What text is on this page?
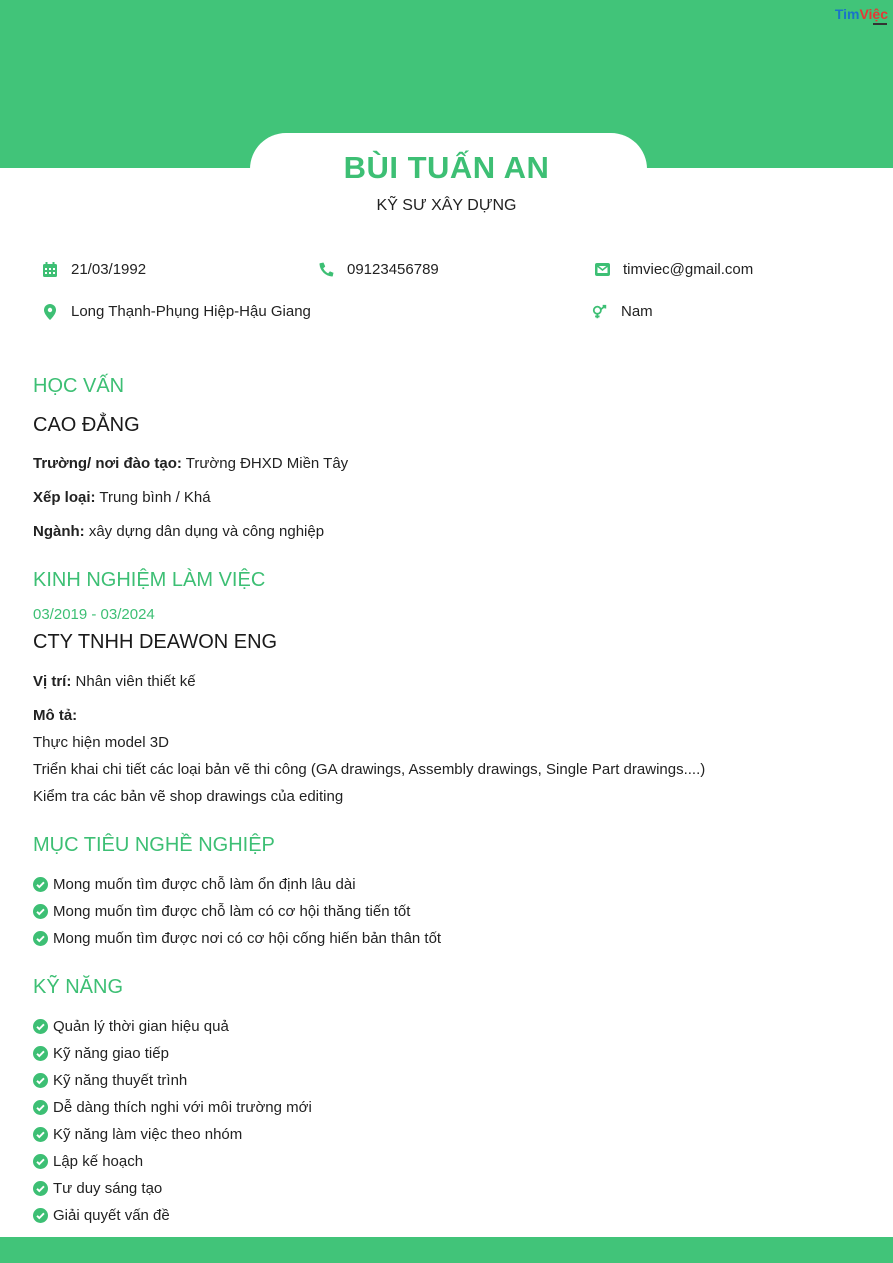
TimViệc
BÙI TUẤN AN
KỸ SƯ XÂY DỰNG
21/03/1992	09123456789	timviec@gmail.com
Long Thạnh-Phụng Hiệp-Hậu Giang	Nam
HỌC VẤN
CAO ĐẲNG
Trường/ nơi đào tạo: Trường ĐHXD Miền Tây
Xếp loại: Trung bình / Khá
Ngành: xây dựng dân dụng và công nghiệp
KINH NGHIỆM LÀM VIỆC
03/2019 - 03/2024
CTY TNHH DEAWON ENG
Vị trí: Nhân viên thiết kế
Mô tả:
Thực hiện model 3D
Triển khai chi tiết các loại bản vẽ thi công (GA drawings, Assembly drawings, Single Part drawings....)
Kiểm tra các bản vẽ shop drawings của editing
MỤC TIÊU NGHỀ NGHIỆP
Mong muốn tìm được chỗ làm ổn định lâu dài
Mong muốn tìm được chỗ làm có cơ hội thăng tiến tốt
Mong muốn tìm được nơi có cơ hội cống hiến bản thân tốt
KỸ NĂNG
Quản lý thời gian hiệu quả
Kỹ năng giao tiếp
Kỹ năng thuyết trình
Dễ dàng thích nghi với môi trường mới
Kỹ năng làm việc theo nhóm
Lập kế hoạch
Tư duy sáng tạo
Giải quyết vấn đề
